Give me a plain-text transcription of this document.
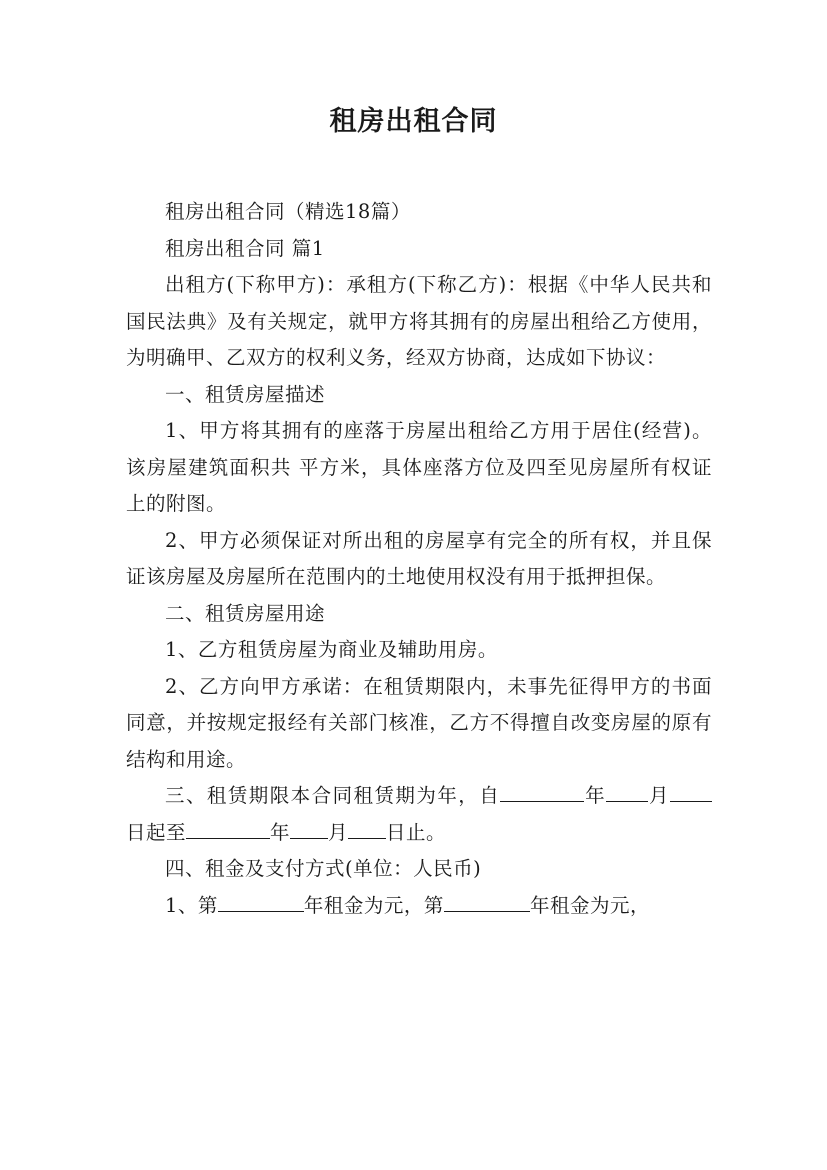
租房出租合同

租房出租合同（精选18篇）

租房出租合同 篇1

出租方(下称甲方)：承租方(下称乙方)：根据《中华人民共和国民法典》及有关规定，就甲方将其拥有的房屋出租给乙方使用，为明确甲、乙双方的权利义务，经双方协商，达成如下协议：

一、租赁房屋描述

1、甲方将其拥有的座落于房屋出租给乙方用于居住(经营)。该房屋建筑面积共 平方米，具体座落方位及四至见房屋所有权证上的附图。

2、甲方必须保证对所出租的房屋享有完全的所有权，并且保证该房屋及房屋所在范围内的土地使用权没有用于抵押担保。

二、租赁房屋用途

1、乙方租赁房屋为商业及辅助用房。

2、乙方向甲方承诺：在租赁期限内，未事先征得甲方的书面同意，并按规定报经有关部门核准，乙方不得擅自改变房屋的原有结构和用途。

三、租赁期限本合同租赁期为年，自	年 月日起至	年 月 日止。

四、租金及支付方式(单位：人民币)

1、第	年租金为元，第	年租金为元，
